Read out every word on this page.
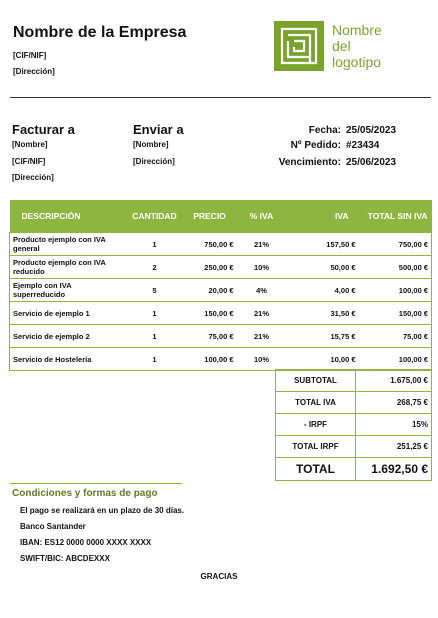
Nombre de la Empresa
[CIF/NIF]
[Dirección]
Nombre
del
logotipo
Facturar a
[Nombre]
[CIF/NIF]
[Dirección]
Enviar a
[Nombre]
[Dirección]
Fecha: 25/05/2023
Nº Pedido: #23434
Vencimiento: 25/06/2023
DESCRIPCIÓN	CANTIDAD	PRECIO	% IVA	IVA	TOTAL SIN IVA
Producto ejemplo con IVA general	1	750,00 €	21%	157,50 €	750,00 €
Producto ejemplo con IVA reducido	2	250,00 €	10%	50,00 €	500,00 €
Ejemplo con IVA superreducido	5	20,00 €	4%	4,00 €	100,00 €
Servicio de ejemplo 1	1	150,00 €	21%	31,50 €	150,00 €
Servicio de ejemplo 2	1	75,00 €	21%	15,75 €	75,00 €
Servicio de Hostelería	1	100,00 €	10%	10,00 €	100,00 €
SUBTOTAL	1.675,00 €
TOTAL IVA	268,75 €
- IRPF	15%
TOTAL IRPF	251,25 €
TOTAL	1.692,50 €
Condiciones y formas de pago
El pago se realizará en un plazo de 30 días.
Banco Santander
IBAN: ES12 0000 0000 XXXX XXXX
SWIFT/BIC: ABCDEXXX
GRACIAS
